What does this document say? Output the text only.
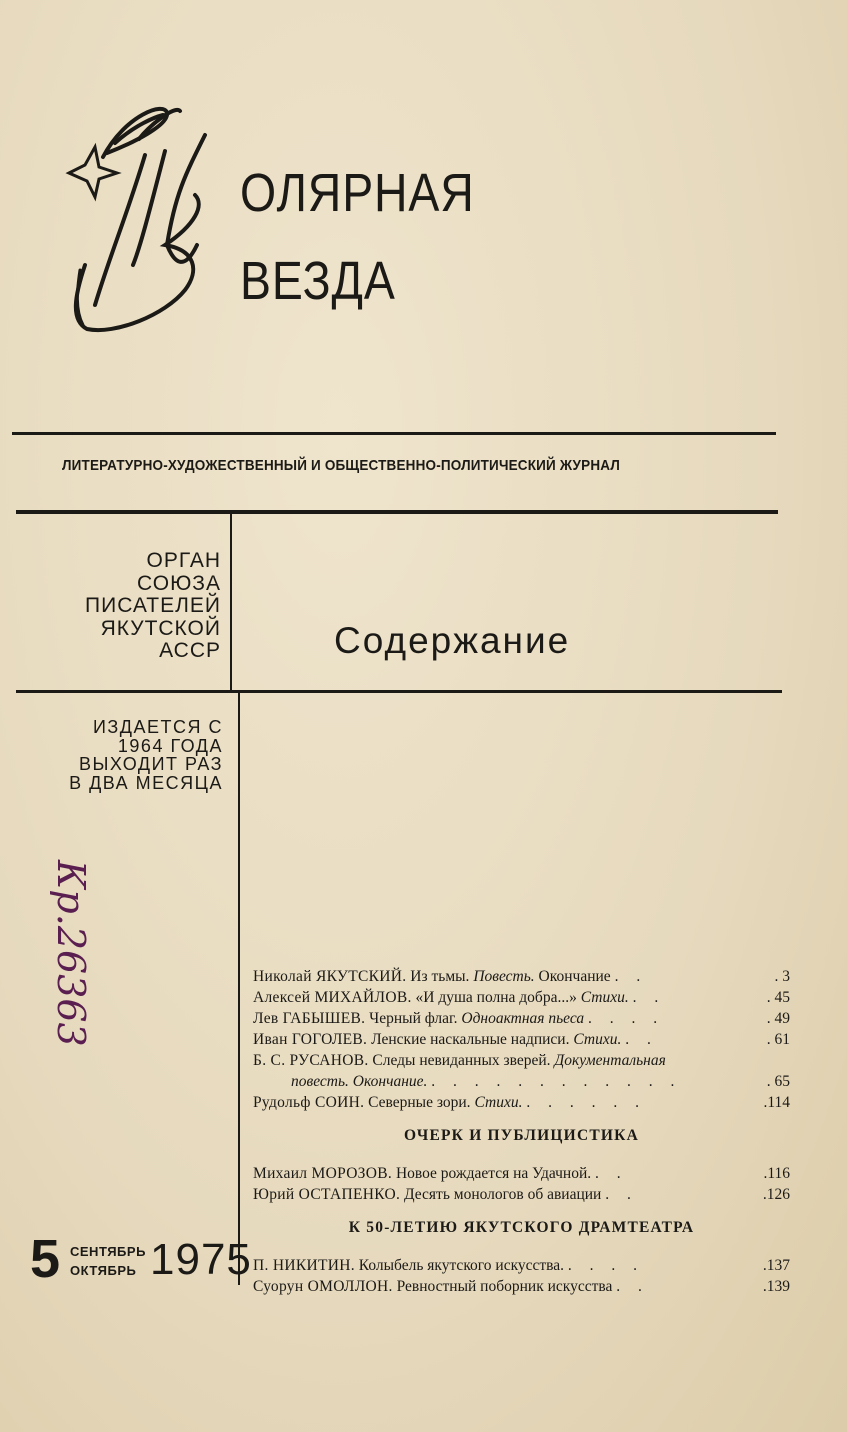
ОЛЯРНАЯ
ВЕЗДА
ЛИТЕРАТУРНО-ХУДОЖЕСТВЕННЫЙ И ОБЩЕСТВЕННО-ПОЛИТИЧЕСКИЙ ЖУРНАЛ
ОРГАН
СОЮЗА
ПИСАТЕЛЕЙ
ЯКУТСКОЙ
АССР	Содержание
ИЗДАЕТСЯ С
1964 ГОДА
ВЫХОДИТ РАЗ
В ДВА МЕСЯЦА
Кр.26363
5 СЕНТЯБРЬ
ОКТЯБРЬ 1975
Николай ЯКУТСКИЙ. Из тьмы. Повесть. Окончание . .	. 3
Алексей МИХАЙЛОВ. «И душа полна добра...» Стихи. . .	. 45
Лев ГАБЫШЕВ. Черный флаг. Одноактная пьеса . . . .	. 49
Иван ГОГОЛЕВ. Ленские наскальные надписи. Стихи. . .	. 61
Б. С. РУСАНОВ. Следы невиданных зверей. Документальная
повесть. Окончание. . . . . . . . . . . . .	. 65
Рудольф СОИН. Северные зори. Стихи. . . . . . .	.114
ОЧЕРК И ПУБЛИЦИСТИКА
Михаил МОРОЗОВ. Новое рождается на Удачной. . .	.116
Юрий ОСТАПЕНКО. Десять монологов об авиации . .	.126
К 50-ЛЕТИЮ ЯКУТСКОГО ДРАМТЕАТРА
П. НИКИТИН. Колыбель якутского искусства. . . . .	.137
Суорун ОМОЛЛОН. Ревностный поборник искусства . .	.139
